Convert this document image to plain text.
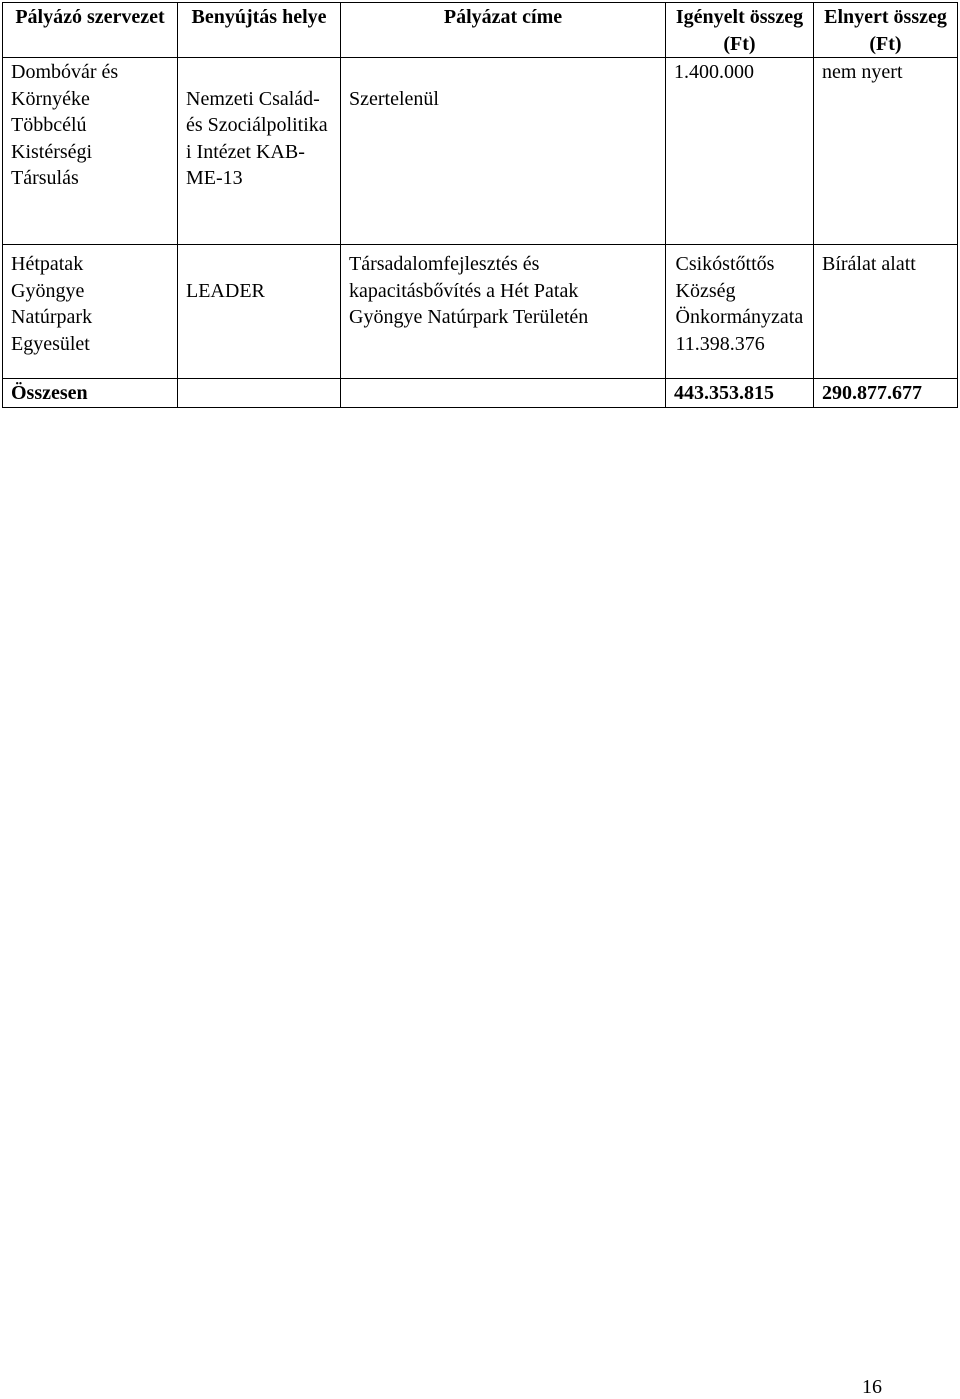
Pályázó szervezet	Benyújtás helye	Pályázat címe	Igényelt összeg (Ft)	Elnyert összeg (Ft)

Dombóvár és Környéke Többcélú Kistérségi Társulás	Nemzeti Család-és Szociálpolitika i Intézet KAB-ME-13	Szertelenül	1.400.000	nem nyert

Hétpatak Gyöngye Natúrpark Egyesület	LEADER	Társadalomfejlesztés és kapacitásbővítés a Hét Patak Gyöngye Natúrpark Területén	Csikóstőttős Község Önkormányzata 11.398.376	Bírálat alatt
Összesen			443.353.815	290.877.677
16
